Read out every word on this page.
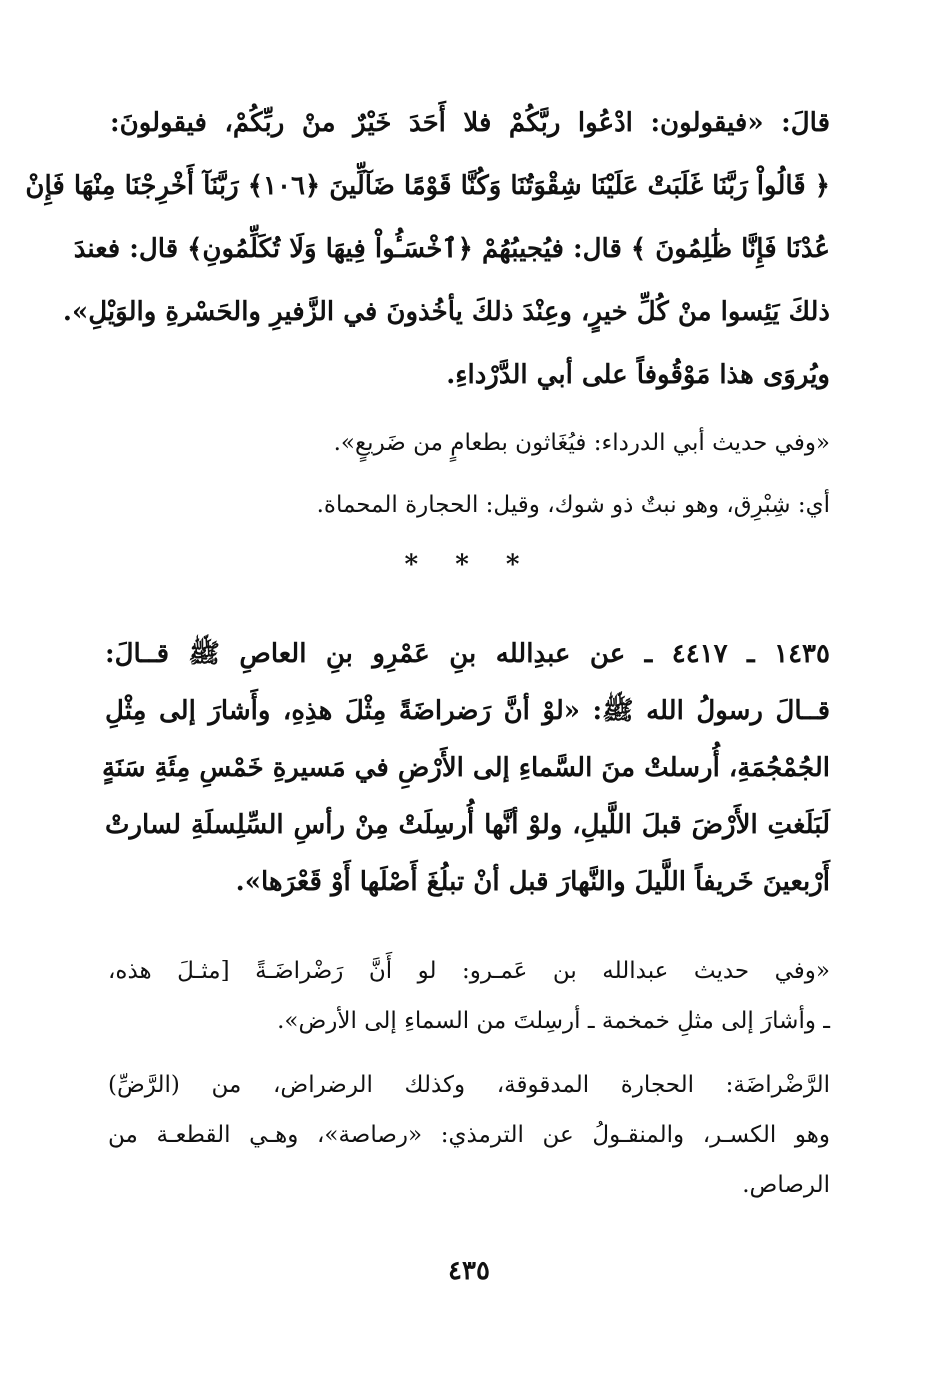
قالَ: «فيقولون: ادْعُوا ربَّكُمْ فلا أَحَدَ خَيْرٌ منْ ربِّكُمْ، فيقولونَ:
﴿ قَالُواْ رَبَّنَا غَلَبَتْ عَلَيْنَا شِقْوَتُنَا وَكُنَّا قَوْمًا ضَآلِّينَ ﴿١٠٦﴾ رَبَّنَآ أَخْرِجْنَا مِنْهَا فَإِنْ
عُدْنَا فَإِنَّا ظَٰلِمُونَ ﴾ قال: فيُجيبُهُمْ ﴿ٱخْسَـُٔواْ فِيهَا وَلَا تُكَلِّمُونِ﴾ قال: فعندَ
ذلكَ يَئِسوا منْ كُلِّ خيرٍ، وعِنْدَ ذلكَ يأخُذونَ في الزَّفيرِ والحَسْرةِ والوَيْلِ».
ويُروَى هذا مَوْقُوفاً على أبي الدَّرْداءِ.
«وفي حديث أبي الدرداء: فيُغَاثون بطعامٍ من ضَريعٍ».
أي: شِبْرِق، وهو نبتٌ ذو شوك، وقيل: الحجارة المحماة.
* * *
١٤٣٥ ـ ٤٤١٧ ـ عن عبدِالله بنِ عَمْرِو بنِ العاصِ ﷺ قــالَ:
قــالَ رسولُ الله ﷺ: «لوْ أنَّ رَضراضَةً مِثْلَ هذِهِ، وأَشارَ إلى مِثْلِ
الجُمْجُمَةِ، أُرسلتْ منَ السَّماءِ إلى الأَرْضِ في مَسيرةِ خَمْسِ مِئَةِ سَنَةٍ
لَبَلَغتِ الأَرْضَ قبلَ اللَّيلِ، ولوْ أنَّها أُرسِلَتْ مِنْ رأسِ السِّلِسلَةِ لسارتْ
أَرْبعينَ خَريفاً اللَّيلَ والنَّهارَ قبل أنْ تبلُغَ أَصْلَها أَوْ قَعْرَها».
«وفي حديث عبدالله بن عَمـرو: لو أَنَّ رَضْراضَـةً [مثـلَ هذه،
ـ وأشارَ إلى مثلِ خمخمة ـ أرسِلتَ من السماءِ إلى الأرض».
الرَّضْراضَة: الحجارة المدقوقة، وكذلك الرضراض، من (الرَّضِّ)
وهو الكسـر، والمنقـولُ عن الترمذي: «رصاصة»، وهـي القطعـة من
الرصاص.
٤٣٥
